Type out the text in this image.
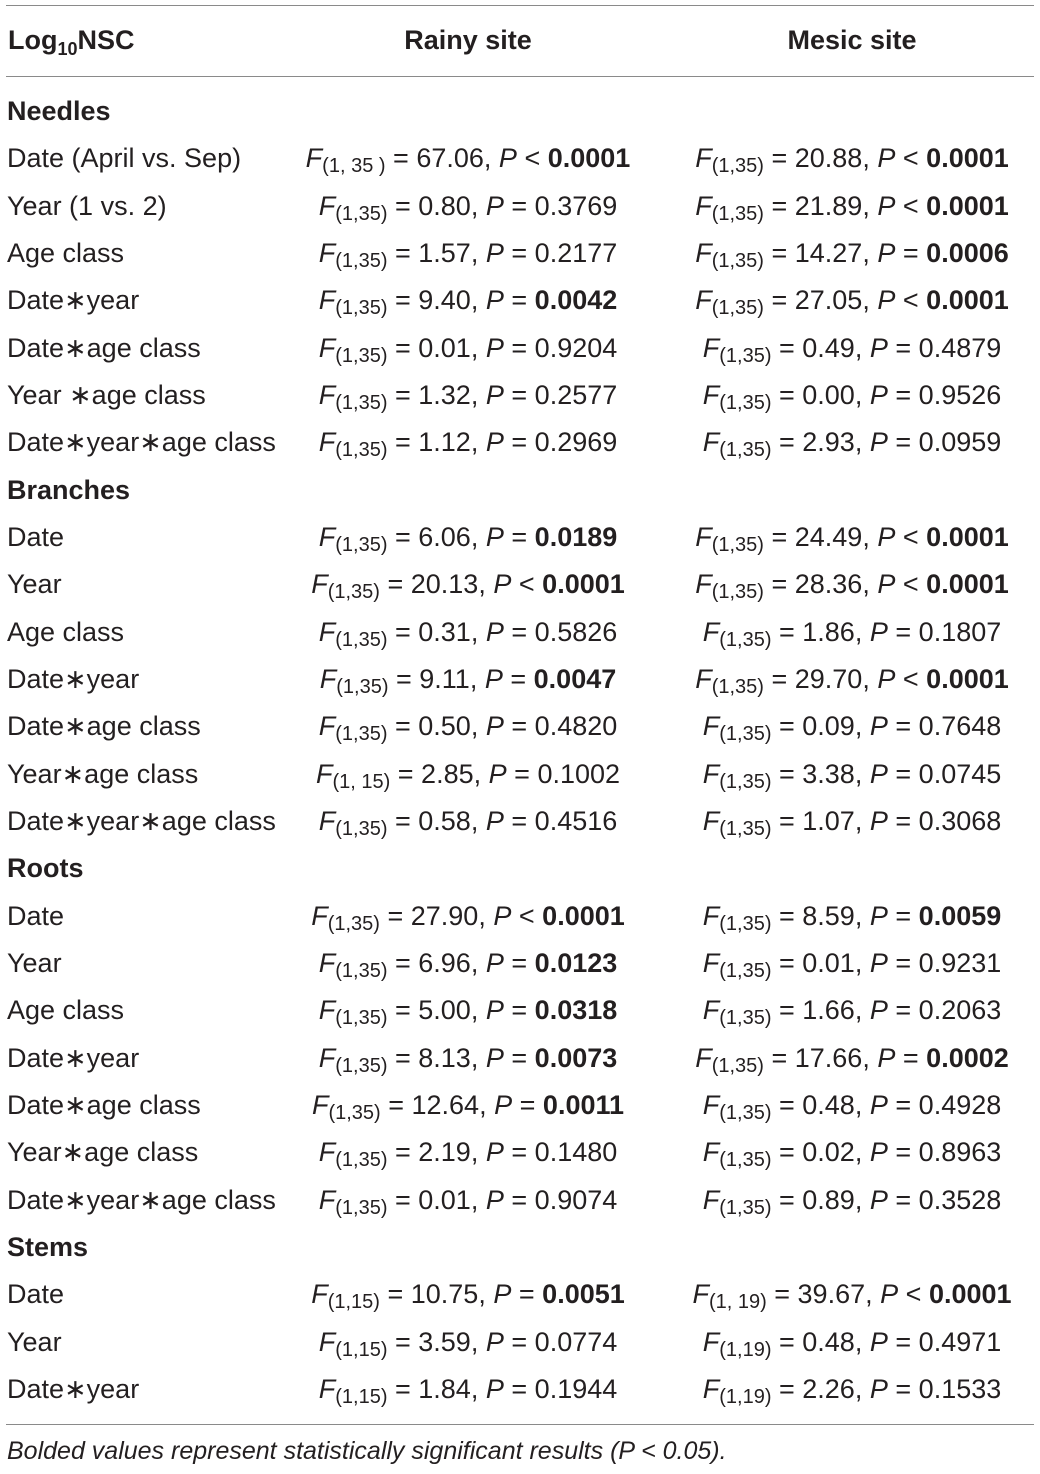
Log$_{10}$NSC	Rainy site	Mesic site
Needles
Date (April vs. Sep)	$F_{(1, 35 )} = 67.06$, P < 0.0001	$F_{(1,35)} = 20.88$, P < 0.0001
Year (1 vs. 2)	$F_{(1,35)} = 0.80$, P = 0.3769	$F_{(1,35)} = 21.89$, P < 0.0001
Age class	$F_{(1,35)} = 1.57$, P = 0.2177	$F_{(1,35)} = 14.27$, P = 0.0006
Date∗year	$F_{(1,35)} = 9.40$, P = 0.0042	$F_{(1,35)} = 27.05$, P < 0.0001
Date∗age class	$F_{(1,35)} = 0.01$, P = 0.9204	$F_{(1,35)} = 0.49$, P = 0.4879
Year ∗age class	$F_{(1,35)} = 1.32$, P = 0.2577	$F_{(1,35)} = 0.00$, P = 0.9526
Date∗year∗age class	$F_{(1,35)} = 1.12$, P = 0.2969	$F_{(1,35)} = 2.93$, P = 0.0959
Branches
Date	$F_{(1,35)} = 6.06$, P = 0.0189	$F_{(1,35)} = 24.49$, P < 0.0001
Year	$F_{(1,35)} = 20.13$, P < 0.0001	$F_{(1,35)} = 28.36$, P < 0.0001
Age class	$F_{(1,35)} = 0.31$, P = 0.5826	$F_{(1,35)} = 1.86$, P = 0.1807
Date∗year	$F_{(1,35)} = 9.11$, P = 0.0047	$F_{(1,35)} = 29.70$, P < 0.0001
Date∗age class	$F_{(1,35)} = 0.50$, P = 0.4820	$F_{(1,35)} = 0.09$, P = 0.7648
Year∗age class	$F_{(1, 15)} = 2.85$, P = 0.1002	$F_{(1,35)} = 3.38$, P = 0.0745
Date∗year∗age class	$F_{(1,35)} = 0.58$, P = 0.4516	$F_{(1,35)} = 1.07$, P = 0.3068
Roots
Date	$F_{(1,35)} = 27.90$, P < 0.0001	$F_{(1,35)} = 8.59$, P = 0.0059
Year	$F_{(1,35)} = 6.96$, P = 0.0123	$F_{(1,35)} = 0.01$, P = 0.9231
Age class	$F_{(1,35)} = 5.00$, P = 0.0318	$F_{(1,35)} = 1.66$, P = 0.2063
Date∗year	$F_{(1,35)} = 8.13$, P = 0.0073	$F_{(1,35)} = 17.66$, P = 0.0002
Date∗age class	$F_{(1,35)} = 12.64$, P = 0.0011	$F_{(1,35)} = 0.48$, P = 0.4928
Year∗age class	$F_{(1,35)} = 2.19$, P = 0.1480	$F_{(1,35)} = 0.02$, P = 0.8963
Date∗year∗age class	$F_{(1,35)} = 0.01$, P = 0.9074	$F_{(1,35)} = 0.89$, P = 0.3528
Stems
Date	$F_{(1,15)} = 10.75$, P = 0.0051	$F_{(1, 19)} = 39.67$, P < 0.0001
Year	$F_{(1,15)} = 3.59$, P = 0.0774	$F_{(1,19)} = 0.48$, P = 0.4971
Date∗year	$F_{(1,15)} = 1.84$, P = 0.1944	$F_{(1,19)} = 2.26$, P = 0.1533
Bolded values represent statistically significant results (P < 0.05).
